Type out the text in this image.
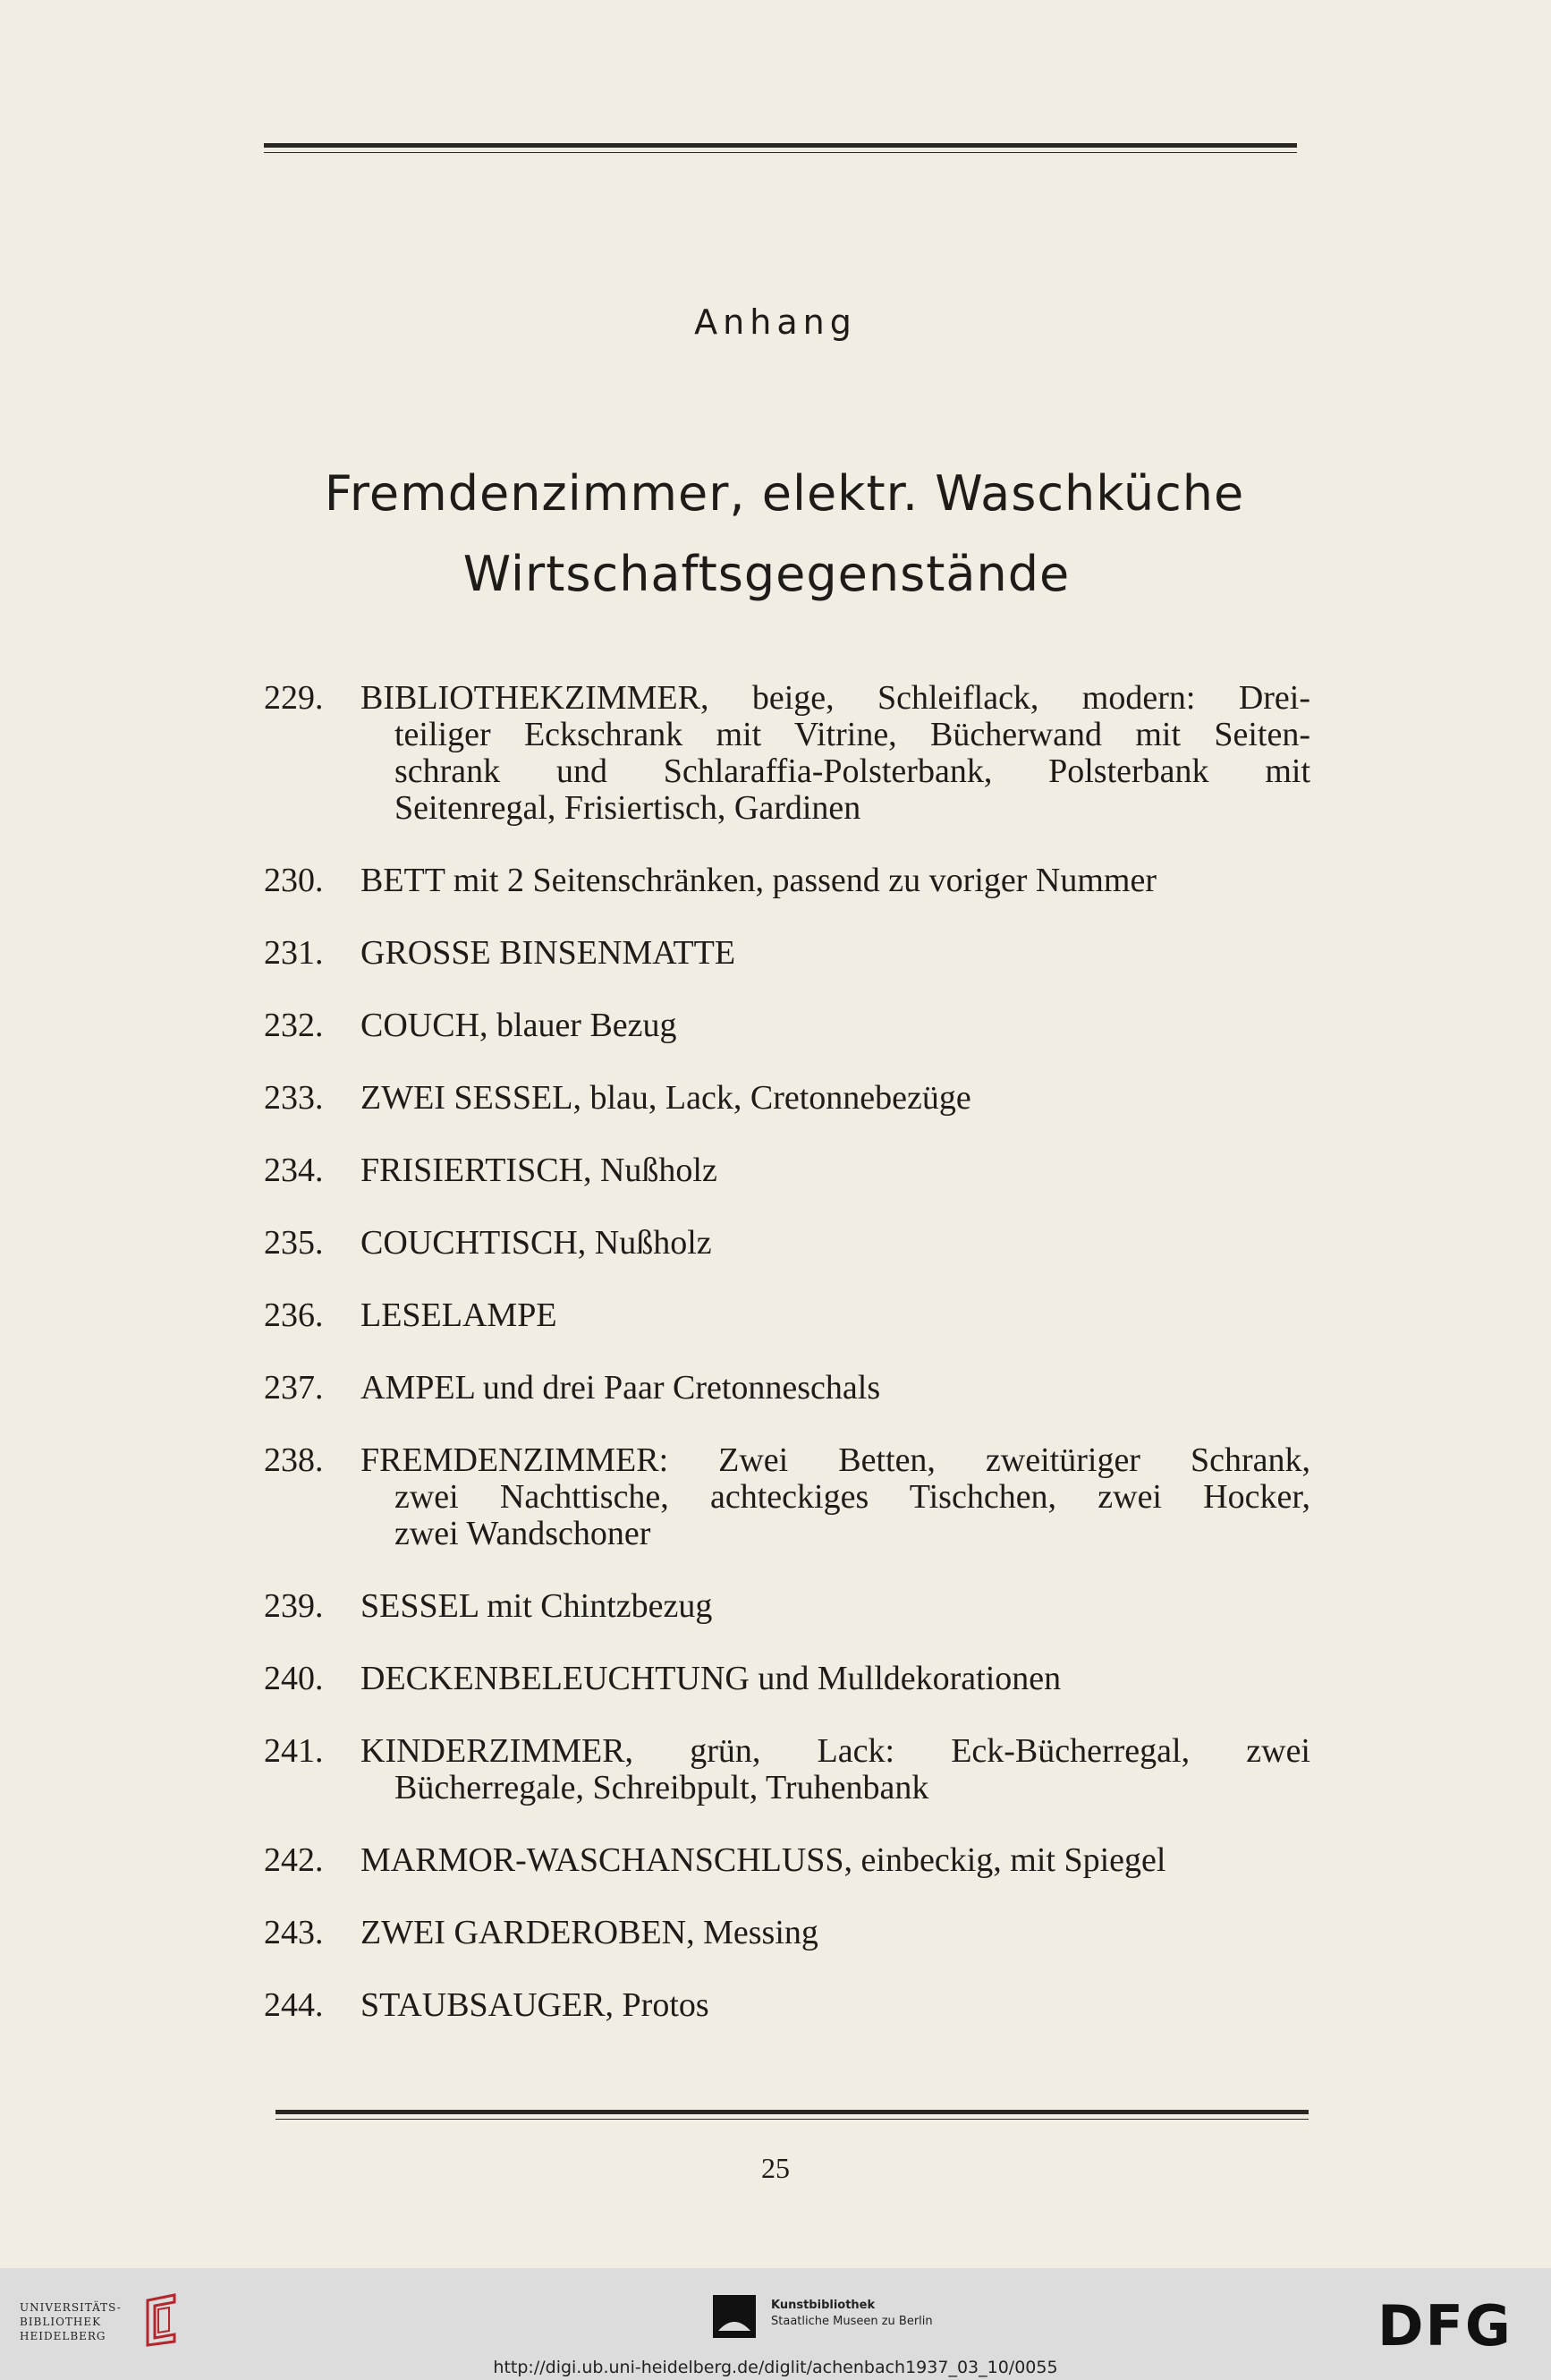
Anhang
Fremdenzimmer, elektr. Waschküche
Wirtschaftsgegenstände
229.	BIBLIOTHEKZIMMER, beige, Schleiflack, modern: Drei-
teiliger Eckschrank mit Vitrine, Bücherwand mit Seiten-
schrank und Schlaraffia-Polsterbank, Polsterbank mit
Seitenregal, Frisiertisch, Gardinen
230.	BETT mit 2 Seitenschränken, passend zu voriger Nummer
231.	GROSSE BINSENMATTE
232.	COUCH, blauer Bezug
233.	ZWEI SESSEL, blau, Lack, Cretonnebezüge
234.	FRISIERTISCH, Nußholz
235.	COUCHTISCH, Nußholz
236.	LESELAMPE
237.	AMPEL und drei Paar Cretonneschals
238.	FREMDENZIMMER: Zwei Betten, zweitüriger Schrank,
zwei Nachttische, achteckiges Tischchen, zwei Hocker,
zwei Wandschoner
239.	SESSEL mit Chintzbezug
240.	DECKENBELEUCHTUNG und Mulldekorationen
241.	KINDERZIMMER, grün, Lack: Eck-Bücherregal, zwei
Bücherregale, Schreibpult, Truhenbank
242.	MARMOR-WASCHANSCHLUSS, einbeckig, mit Spiegel
243.	ZWEI GARDEROBEN, Messing
244.	STAUBSAUGER, Protos
25
UNIVERSITÄTS-
BIBLIOTHEK
HEIDELBERG
Kunstbibliothek
Staatliche Museen zu Berlin	DFG
http://digi.ub.uni-heidelberg.de/diglit/achenbach1937_03_10/0055
